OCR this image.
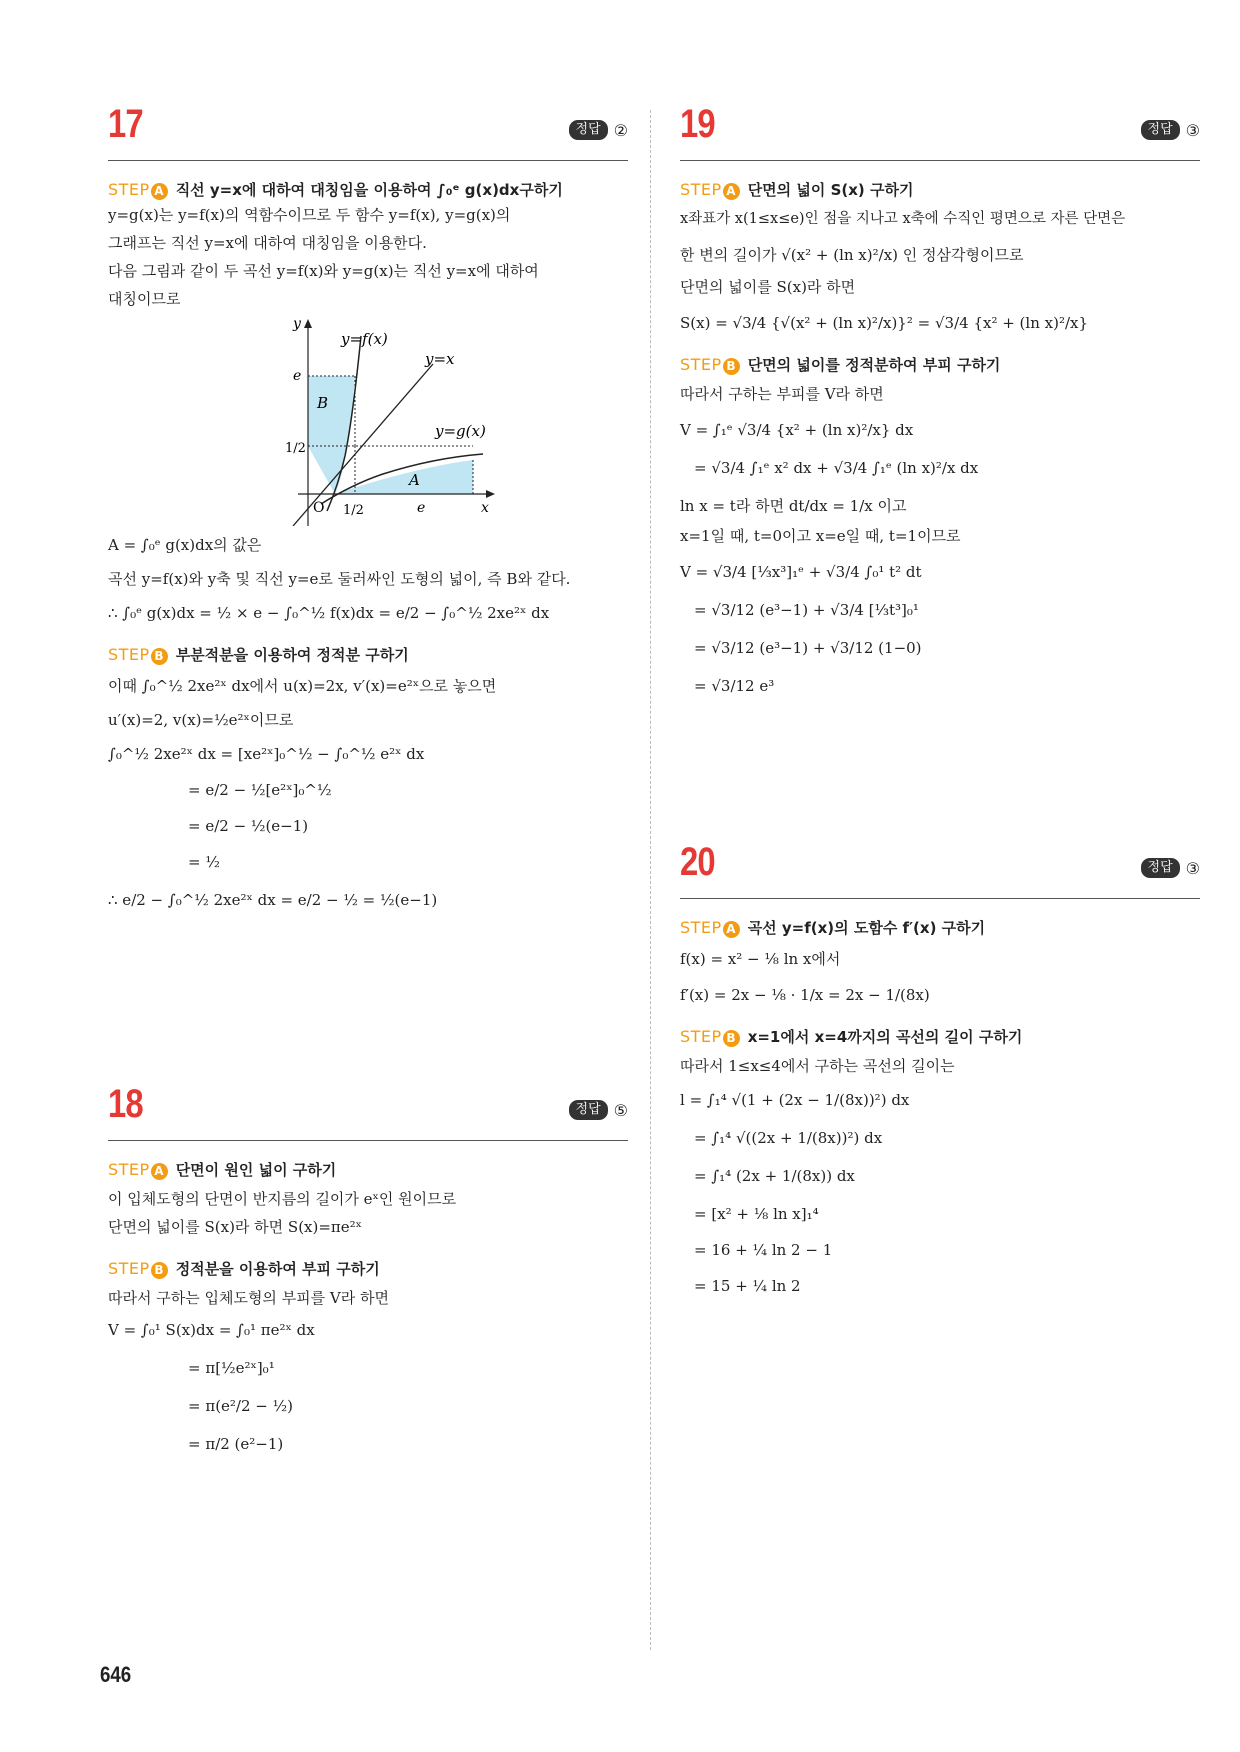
17	정답 ②
STEP A 직선 y=x에 대하여 대칭임을 이용하여 ∫₀ᵉ g(x)dx구하기
y=g(x)는 y=f(x)의 역함수이므로 두 함수 y=f(x), y=g(x)의
그래프는 직선 y=x에 대하여 대칭임을 이용한다.
다음 그림과 같이 두 곡선 y=f(x)와 y=g(x)는 직선 y=x에 대하여
대칭이므로
y
y=f(x)
y=x
y=g(x)
e
1/2
B
A
O 1/2	e	x
A = ∫₀ᵉ g(x)dx의 값은
곡선 y=f(x)와 y축 및 직선 y=e로 둘러싸인 도형의 넓이, 즉 B와 같다.
∴ ∫₀ᵉ g(x)dx = ½ × e − ∫₀^½ f(x)dx = e/2 − ∫₀^½ 2xe²ˣ dx
STEP B 부분적분을 이용하여 정적분 구하기
이때 ∫₀^½ 2xe²ˣ dx에서 u(x)=2x, v′(x)=e²ˣ으로 놓으면
u′(x)=2, v(x)=½e²ˣ이므로
∫₀^½ 2xe²ˣ dx = [xe²ˣ]₀^½ − ∫₀^½ e²ˣ dx
= e/2 − ½[e²ˣ]₀^½
= e/2 − ½(e−1)
= ½
∴ e/2 − ∫₀^½ 2xe²ˣ dx = e/2 − ½ = ½(e−1)
18	정답 ⑤
STEP A 단면이 원인 넓이 구하기
이 입체도형의 단면이 반지름의 길이가 eˣ인 원이므로
단면의 넓이를 S(x)라 하면 S(x)=πe²ˣ
STEP B 정적분을 이용하여 부피 구하기
따라서 구하는 입체도형의 부피를 V라 하면
V = ∫₀¹ S(x)dx = ∫₀¹ πe²ˣ dx
= π[½e²ˣ]₀¹
= π(e²/2 − ½)
= π/2 (e²−1)
19	정답 ③
STEP A 단면의 넓이 S(x) 구하기
x좌표가 x(1≤x≤e)인 점을 지나고 x축에 수직인 평면으로 자른 단면은
한 변의 길이가 √(x² + (ln x)²/x) 인 정삼각형이므로
단면의 넓이를 S(x)라 하면
S(x) = √3/4 {√(x² + (ln x)²/x)}² = √3/4 {x² + (ln x)²/x}
STEP B 단면의 넓이를 정적분하여 부피 구하기
따라서 구하는 부피를 V라 하면
V = ∫₁ᵉ √3/4 {x² + (ln x)²/x} dx
= √3/4 ∫₁ᵉ x² dx + √3/4 ∫₁ᵉ (ln x)²/x dx
ln x = t라 하면 dt/dx = 1/x 이고
x=1일 때, t=0이고 x=e일 때, t=1이므로
V = √3/4 [⅓x³]₁ᵉ + √3/4 ∫₀¹ t² dt
= √3/12 (e³−1) + √3/4 [⅓t³]₀¹
= √3/12 (e³−1) + √3/12 (1−0)
= √3/12 e³
20	정답 ③
STEP A 곡선 y=f(x)의 도함수 f′(x) 구하기
f(x) = x² − ⅛ ln x에서
f′(x) = 2x − ⅛ · 1/x = 2x − 1/(8x)
STEP B x=1에서 x=4까지의 곡선의 길이 구하기
따라서 1≤x≤4에서 구하는 곡선의 길이는
l = ∫₁⁴ √(1 + (2x − 1/(8x))²) dx
= ∫₁⁴ √((2x + 1/(8x))²) dx
= ∫₁⁴ (2x + 1/(8x)) dx
= [x² + ⅛ ln x]₁⁴
= 16 + ¼ ln 2 − 1
= 15 + ¼ ln 2
646
